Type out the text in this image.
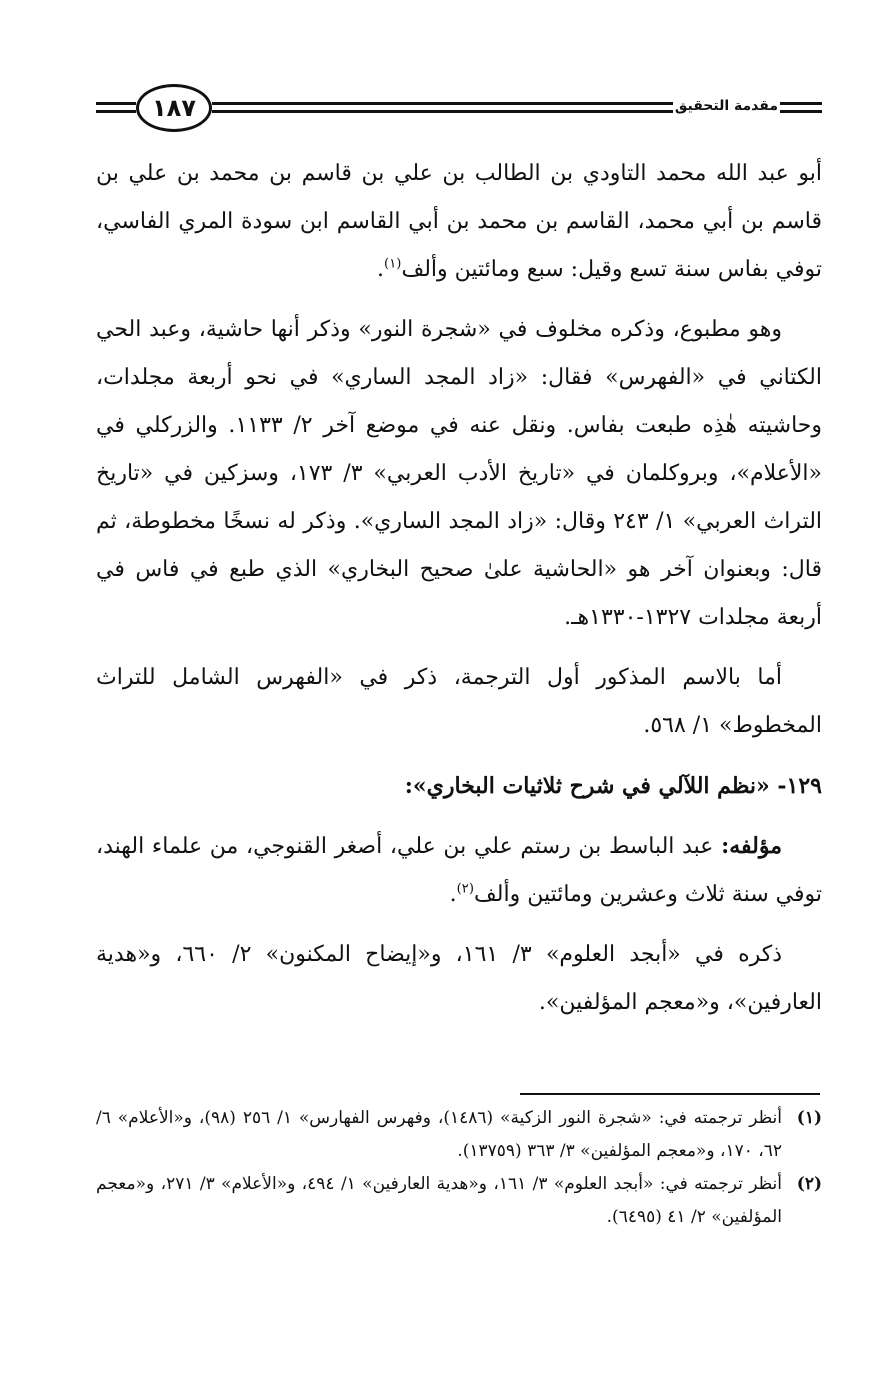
١٨٧	مقدمة التحقيق

أبو عبد الله محمد التاودي بن الطالب بن علي بن قاسم بن محمد بن علي بن قاسم بن أبي محمد، القاسم بن محمد بن أبي القاسم ابن سودة المري الفاسي، توفي بفاس سنة تسع وقيل: سبع ومائتين وألف$^{(١)}$.

وهو مطبوع، وذكره مخلوف في «شجرة النور» وذكر أنها حاشية، وعبد الحي الكتاني في «الفهرس» فقال: «زاد المجد الساري» في نحو أربعة مجلدات، وحاشيته هٰذِه طبعت بفاس. ونقل عنه في موضع آخر ٢/ ١١٣٣. والزركلي في «الأعلام»، وبروكلمان في «تاريخ الأدب العربي» ٣/ ١٧٣، وسزكين في «تاريخ التراث العربي» ١/ ٢٤٣ وقال: «زاد المجد الساري». وذكر له نسخًا مخطوطة، ثم قال: وبعنوان آخر هو «الحاشية علىٰ صحيح البخاري» الذي طبع في فاس في أربعة مجلدات ١٣٢٧-١٣٣٠هـ.

أما بالاسم المذكور أول الترجمة، ذكر في «الفهرس الشامل للتراث المخطوط» ١/ ٥٦٨.

١٢٩- «نظم اللآلي في شرح ثلاثيات البخاري»:

مؤلفه: عبد الباسط بن رستم علي بن علي، أصغر القنوجي، من علماء الهند، توفي سنة ثلاث وعشرين ومائتين وألف$^{(٢)}$.

ذكره في «أبجد العلوم» ٣/ ١٦١، و«إيضاح المكنون» ٢/ ٦٦٠، و«هدية العارفين»، و«معجم المؤلفين».

(١)
أنظر ترجمته في: «شجرة النور الزكية» (١٤٨٦)، وفهرس الفهارس» ١/ ٢٥٦ (٩٨)، و«الأعلام» ٦/ ٦٢، ١٧٠، و«معجم المؤلفين» ٣/ ٣٦٣ (١٣٧٥٩).
(٢)
أنظر ترجمته في: «أبجد العلوم» ٣/ ١٦١، و«هدية العارفين» ١/ ٤٩٤، و«الأعلام» ٣/ ٢٧١، و«معجم المؤلفين» ٢/ ٤١ (٦٤٩٥).
